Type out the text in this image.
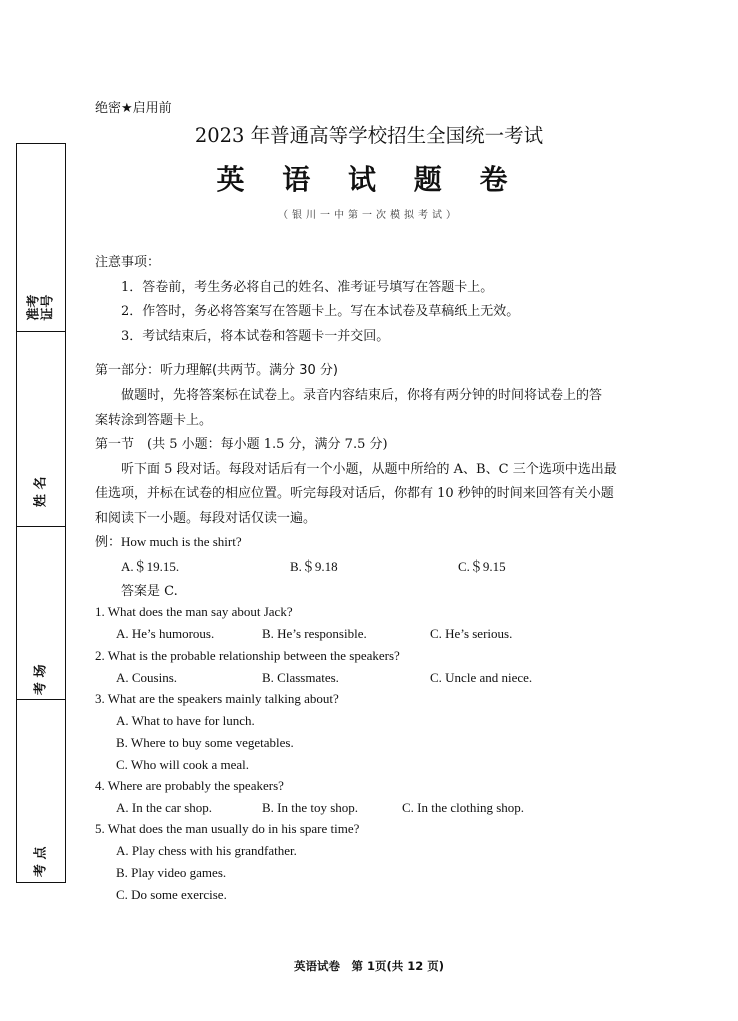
准考
证号
姓 名
考 场
考 点
绝密★启用前
2023 年普通高等学校招生全国统一考试
英 语 试 题 卷
（银川一中第一次模拟考试）
注意事项：
1．答卷前，考生务必将自己的姓名、准考证号填写在答题卡上。
2．作答时，务必将答案写在答题卡上。写在本试卷及草稿纸上无效。
3．考试结束后，将本试卷和答题卡一并交回。
第一部分：听力理解(共两节。满分 30 分)
做题时，先将答案标在试卷上。录音内容结束后，你将有两分钟的时间将试卷上的答
案转涂到答题卡上。
第一节　(共 5 小题：每小题 1.5 分，满分 7.5 分)
听下面 5 段对话。每段对话后有一个小题，从题中所给的 A、B、C 三个选项中选出最
佳选项，并标在试卷的相应位置。听完每段对话后，你都有 10 秒钟的时间来回答有关小题
和阅读下一小题。每段对话仅读一遍。
例：How much is the shirt?
A.＄19.15.	B.＄9.18	C.＄9.15
答案是 C.
1. What does the man say about Jack?
A. He’s humorous.	B. He’s responsible.	C. He’s serious.
2. What is the probable relationship between the speakers?
A. Cousins.	B. Classmates.	C. Uncle and niece.
3. What are the speakers mainly talking about?
A. What to have for lunch.
B. Where to buy some vegetables.
C. Who will cook a meal.
4. Where are probably the speakers?
A. In the car shop.	B. In the toy shop.	C. In the clothing shop.
5. What does the man usually do in his spare time?
A. Play chess with his grandfather.
B. Play video games.
C. Do some exercise.
英语试卷　第 1页(共 12 页)
